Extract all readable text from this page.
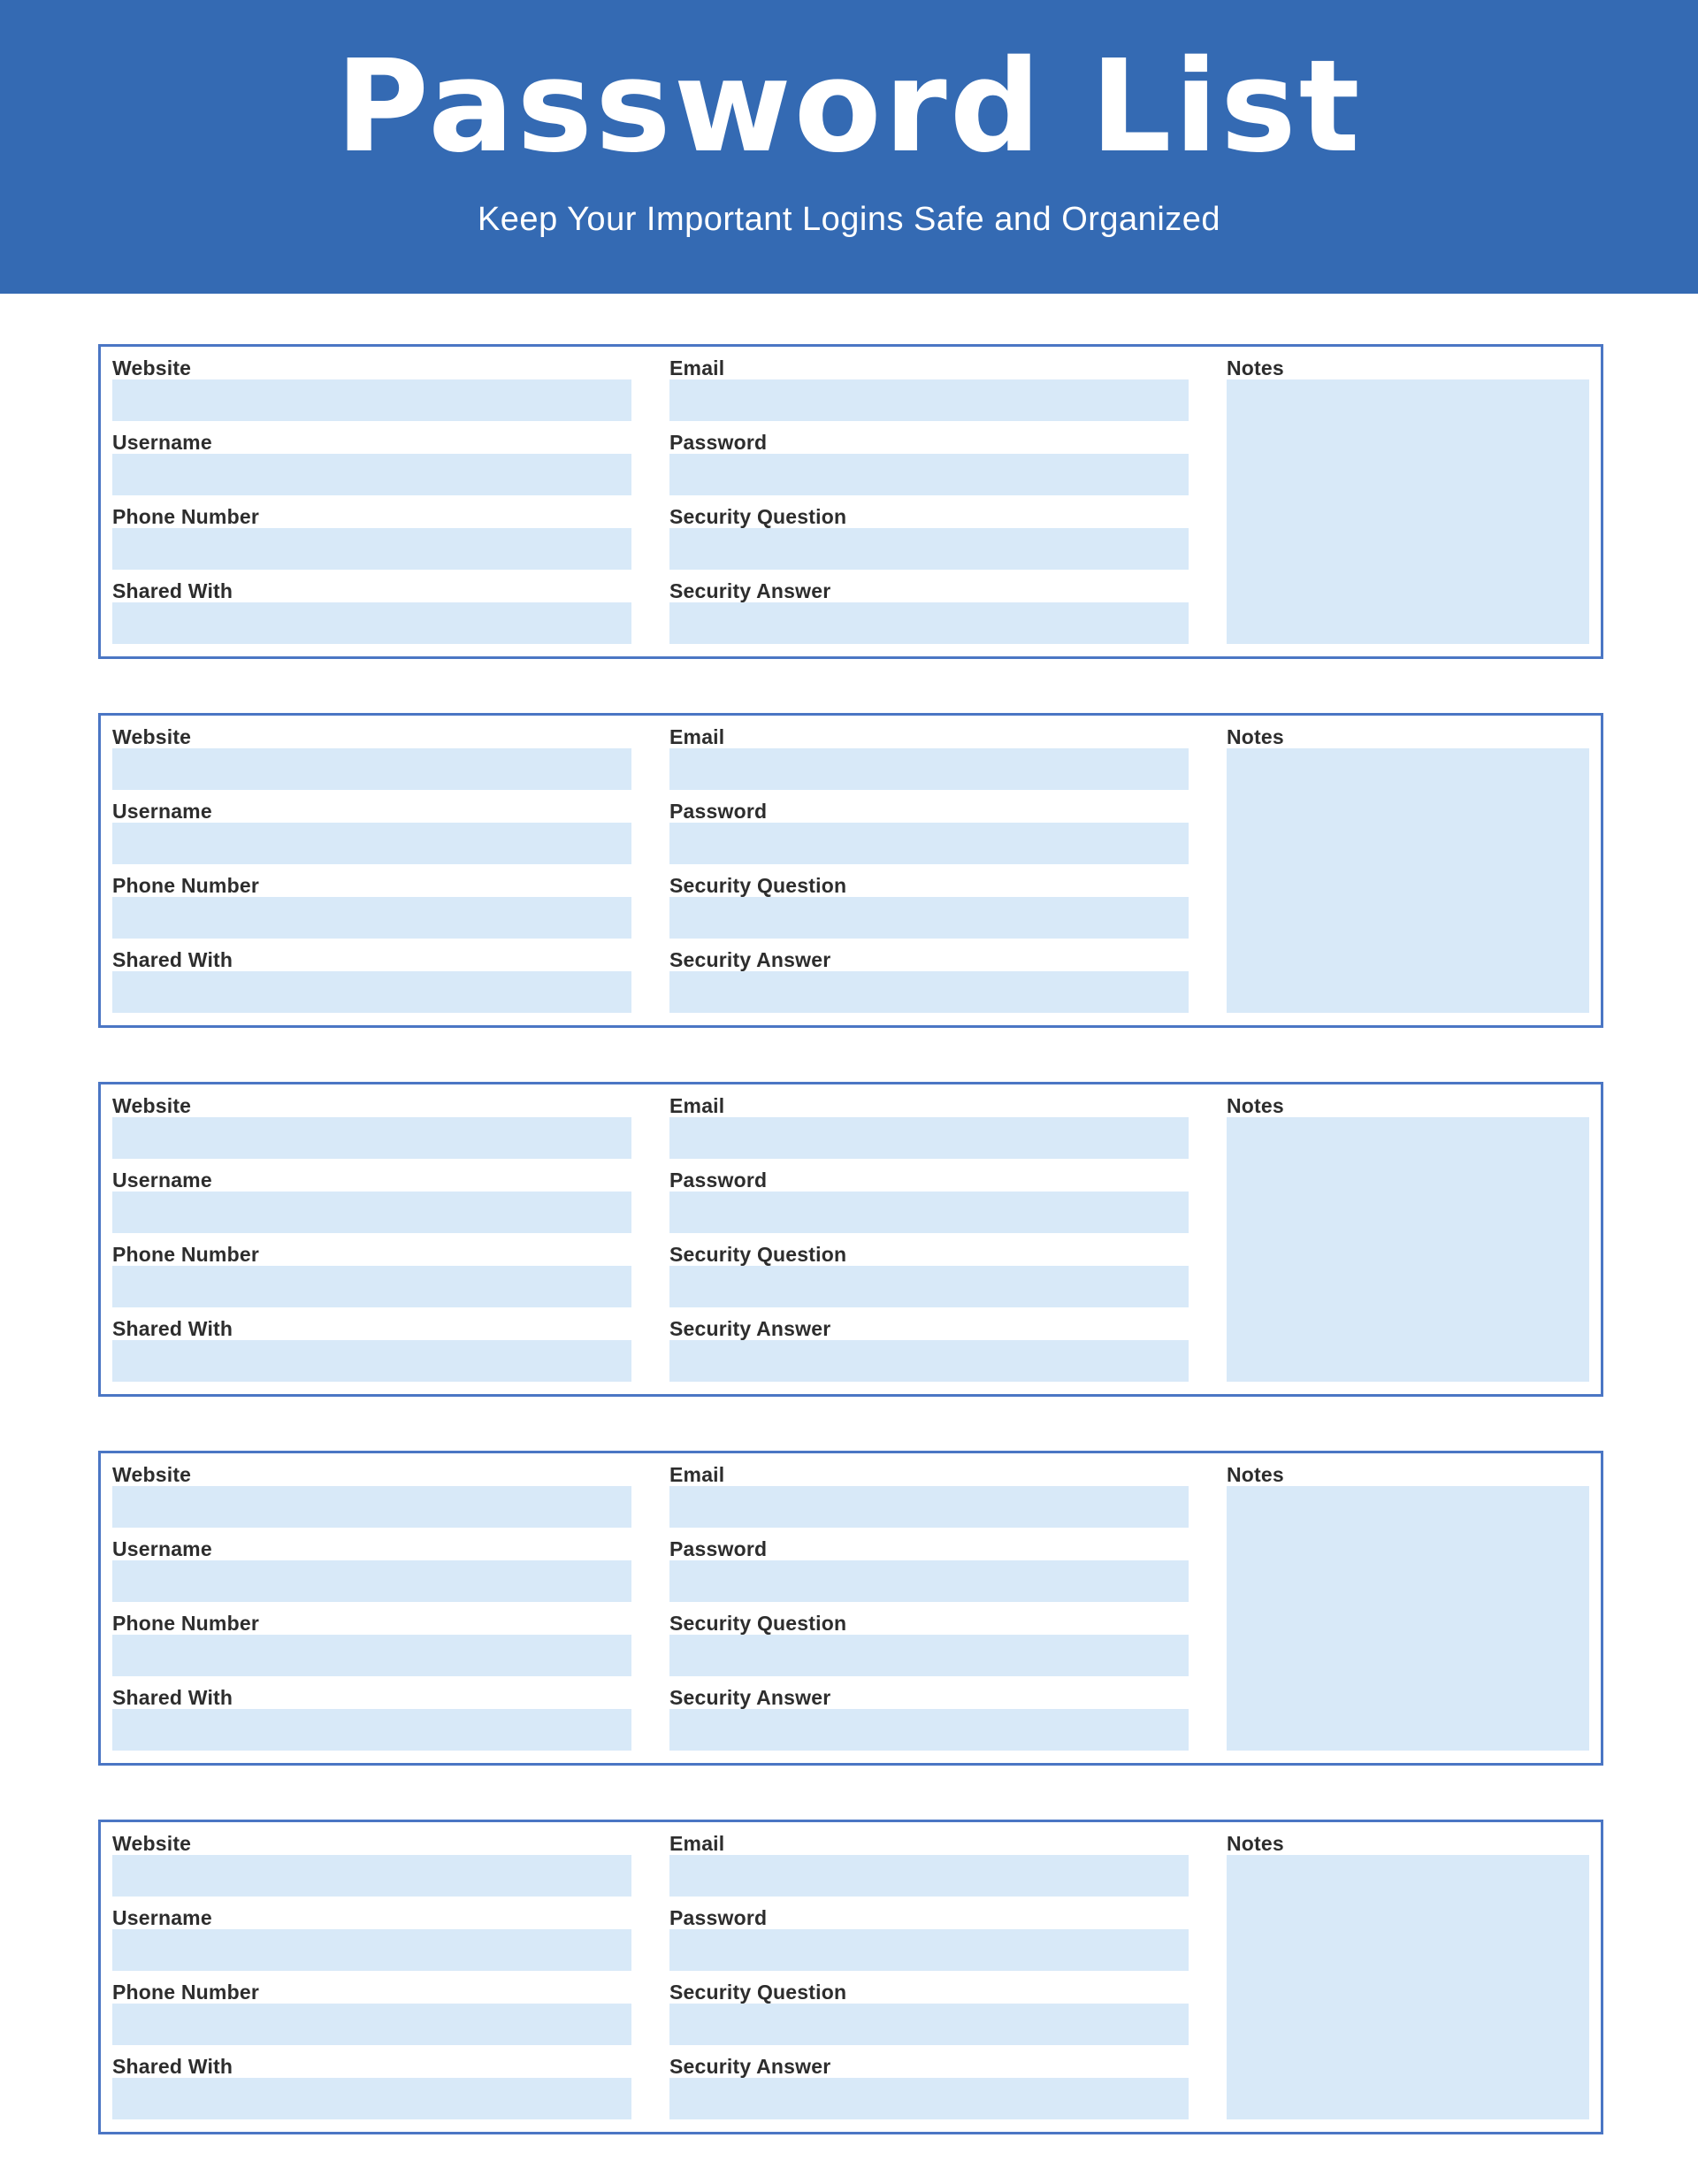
Password List

Keep Your Important Logins Safe and Organized

Website
Username
Phone Number
Shared With
Email
Password
Security Question
Security Answer
Notes
Website
Username
Phone Number
Shared With
Email
Password
Security Question
Security Answer
Notes
Website
Username
Phone Number
Shared With
Email
Password
Security Question
Security Answer
Notes
Website
Username
Phone Number
Shared With
Email
Password
Security Question
Security Answer
Notes
Website
Username
Phone Number
Shared With
Email
Password
Security Question
Security Answer
Notes
